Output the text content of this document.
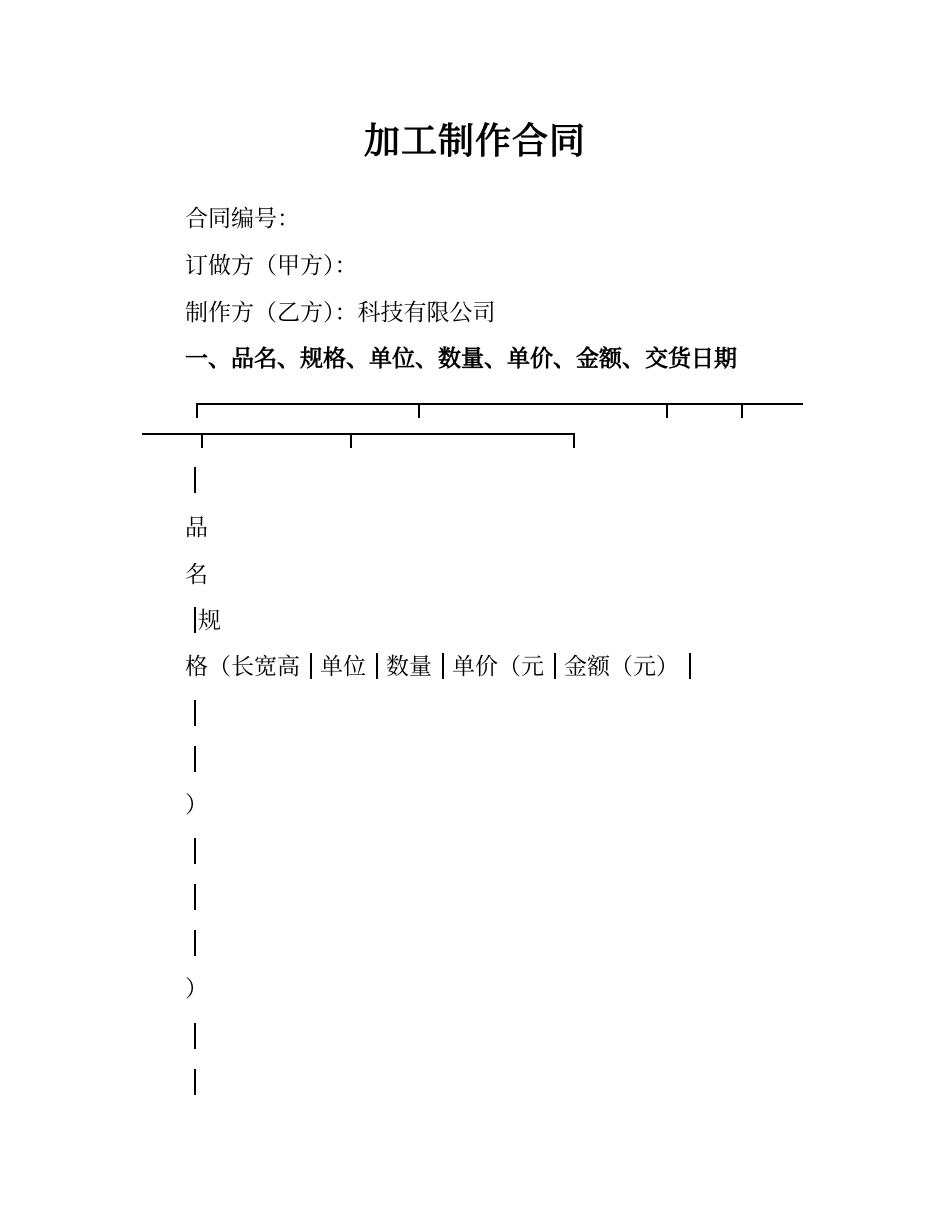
加工制作合同
合同编号：
订做方（甲方）：
制作方（乙方）：科技有限公司
一、品名、规格、单位、数量、单价、金额、交货日期
品
名
规
格（长宽高 单位 数量 单价（元 金额（元）
）
）
